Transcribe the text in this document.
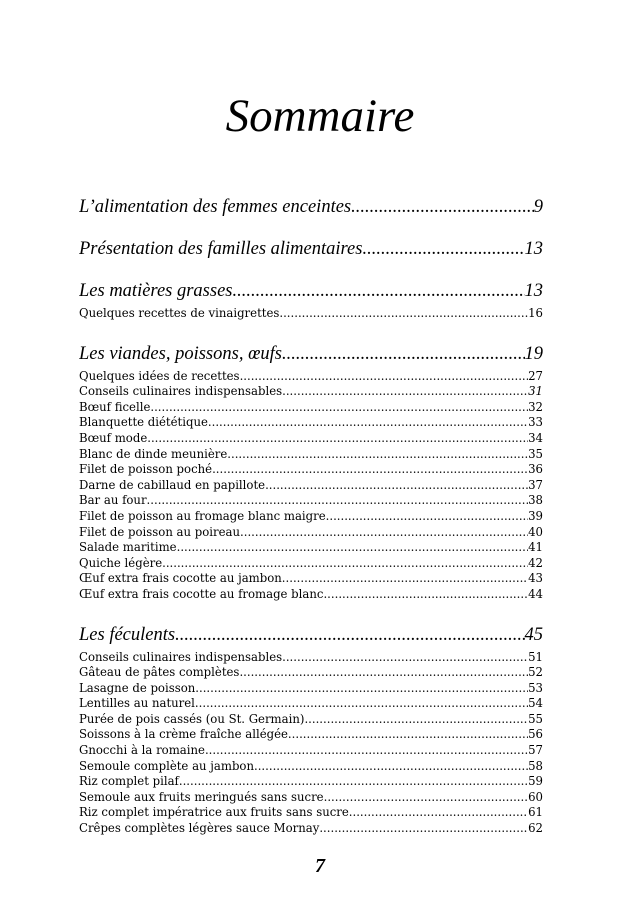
Sommaire
L’alimentation des femmes enceintes .....	9
Présentation des familles alimentaires .....	13
Les matières grasses .....	13
Quelques recettes de vinaigrettes .....	16
Les viandes, poissons, œufs .....	19
Quelques idées de recettes .....	27
Conseils culinaires indispensables .....	31
Bœuf ficelle .....	32
Blanquette diététique .....	33
Bœuf mode .....	34
Blanc de dinde meunière .....	35
Filet de poisson poché .....	36
Darne de cabillaud en papillote .....	37
Bar au four .....	38
Filet de poisson au fromage blanc maigre .....	39
Filet de poisson au poireau .....	40
Salade maritime .....	41
Quiche légère .....	42
Œuf extra frais cocotte au jambon .....	43
Œuf extra frais cocotte au fromage blanc .....	44
Les féculents .....	45
Conseils culinaires indispensables .....	51
Gâteau de pâtes complètes .....	52
Lasagne de poisson .....	53
Lentilles au naturel .....	54
Purée de pois cassés (ou St. Germain) .....	55
Soissons à la crème fraîche allégée .....	56
Gnocchi à la romaine .....	57
Semoule complète au jambon .....	58
Riz complet pilaf .....	59
Semoule aux fruits meringués sans sucre .....	60
Riz complet impératrice aux fruits sans sucre .....	61
Crêpes complètes légères sauce Mornay .....	62
7
